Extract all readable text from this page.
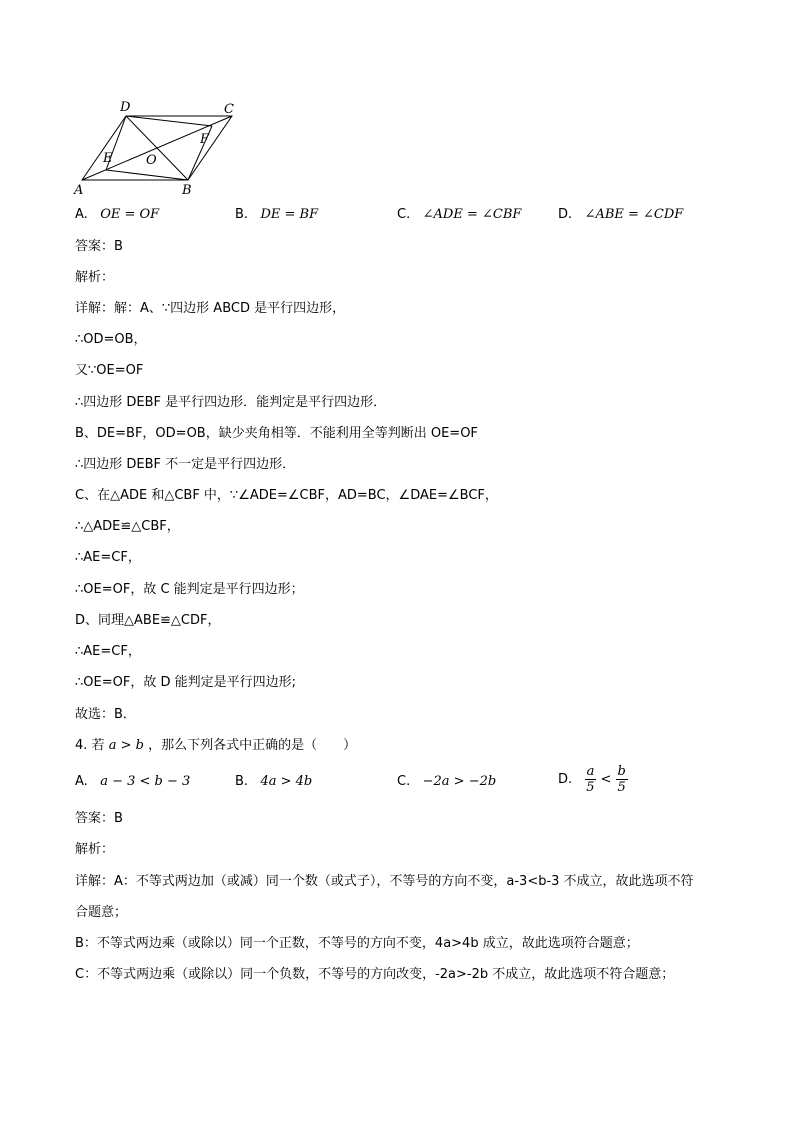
A	B
C
D
E
F
O
A. OE = OF	B. DE = BF	C. ∠ADE = ∠CBF	D. ∠ABE = ∠CDF
答案：B
解析：
详解：解：A、∵四边形 ABCD 是平行四边形，
∴OD=OB，
又∵OE=OF
∴四边形 DEBF 是平行四边形．能判定是平行四边形．
B、DE=BF，OD=OB，缺少夹角相等．不能利用全等判断出 OE=OF
∴四边形 DEBF 不一定是平行四边形．
C、在△ADE 和△CBF 中，∵∠ADE=∠CBF，AD=BC，∠DAE=∠BCF，
∴△ADE≌△CBF，
∴AE=CF，
∴OE=OF，故 C 能判定是平行四边形；
D、同理△ABE≌△CDF，
∴AE=CF，
∴OE=OF，故 D 能判定是平行四边形;
故选：B．
4. 若 a > b ，那么下列各式中正确的是（　　）
A. a − 3 < b − 3	B. 4a > 4b	C. −2a > −2b	D. $\frac{a}{5} < \frac{b}{5}$
答案：B
解析：
详解：A：不等式两边加（或减）同一个数（或式子），不等号的方向不变，a-3<b-3 不成立，故此选项不符
合题意；
B：不等式两边乘（或除以）同一个正数，不等号的方向不变，4a>4b 成立，故此选项符合题意；
C：不等式两边乘（或除以）同一个负数，不等号的方向改变，-2a>-2b 不成立，故此选项不符合题意；
